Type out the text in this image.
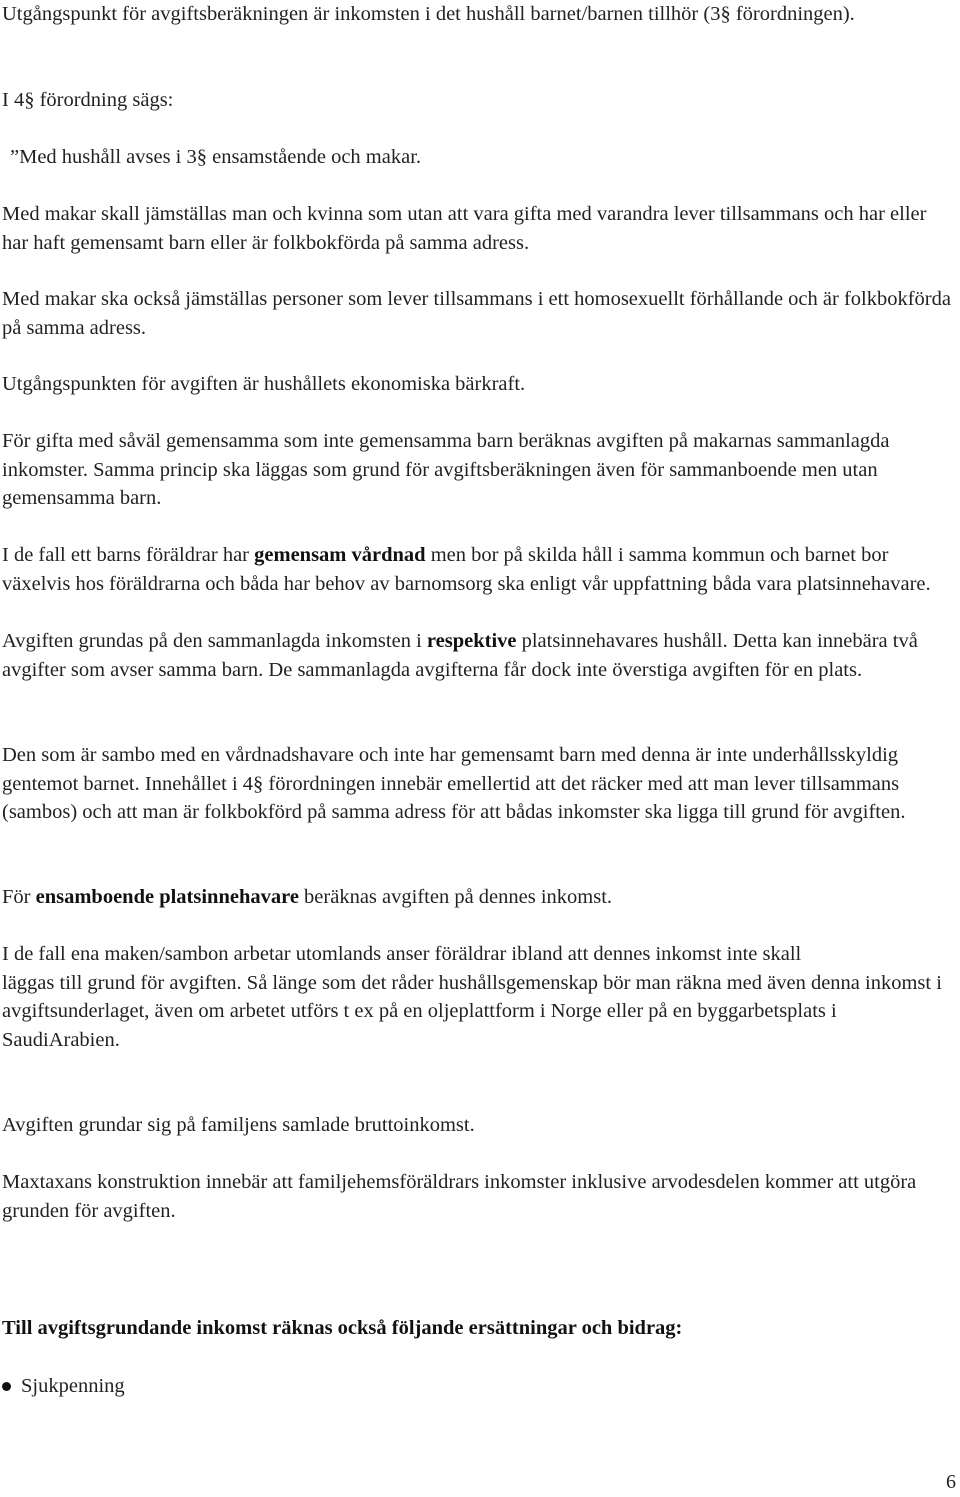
Utgångspunkt för avgiftsberäkningen är inkomsten i det hushåll barnet/barnen tillhör (3§ förordningen).

I 4§ förordning sägs:

”Med hushåll avses i 3§ ensamstående och makar.

Med makar skall jämställas man och kvinna som utan att vara gifta med varandra lever tillsammans och har eller har haft gemensamt barn eller är folkbokförda på samma adress.

Med makar ska också jämställas personer som lever tillsammans i ett homosexuellt förhållande och är folkbokförda på samma adress.

Utgångspunkten för avgiften är hushållets ekonomiska bärkraft.

För gifta med såväl gemensamma som inte gemensamma barn beräknas avgiften på makarnas sammanlagda inkomster. Samma princip ska läggas som grund för avgiftsberäkningen även för sammanboende men utan gemensamma barn.

I de fall ett barns föräldrar har gemensam vårdnad men bor på skilda håll i samma kommun och barnet bor växelvis hos föräldrarna och båda har behov av barnomsorg ska enligt vår uppfattning båda vara platsinnehavare.

Avgiften grundas på den sammanlagda inkomsten i respektive platsinnehavares hushåll. Detta kan innebära två avgifter som avser samma barn. De sammanlagda avgifterna får dock inte överstiga avgiften för en plats.

Den som är sambo med en vårdnadshavare och inte har gemensamt barn med denna är inte underhållsskyldig gentemot barnet. Innehållet i 4§ förordningen innebär emellertid att det räcker med att man lever tillsammans (sambos) och att man är folkbokförd på samma adress för att bådas inkomster ska ligga till grund för avgiften.

För ensamboende platsinnehavare beräknas avgiften på dennes inkomst.

I de fall ena maken/sambon arbetar utomlands anser föräldrar ibland att dennes inkomst inte skall
läggas till grund för avgiften. Så länge som det råder hushållsgemenskap bör man räkna med även denna inkomst i avgiftsunderlaget, även om arbetet utförs t ex på en oljeplattform i Norge eller på en byggarbetsplats i SaudiArabien.

Avgiften grundar sig på familjens samlade bruttoinkomst.

Maxtaxans konstruktion innebär att familjehemsföräldrars inkomster inklusive arvodesdelen kommer att utgöra grunden för avgiften.

Till avgiftsgrundande inkomst räknas också följande ersättningar och bidrag:

Sjukpenning
6
